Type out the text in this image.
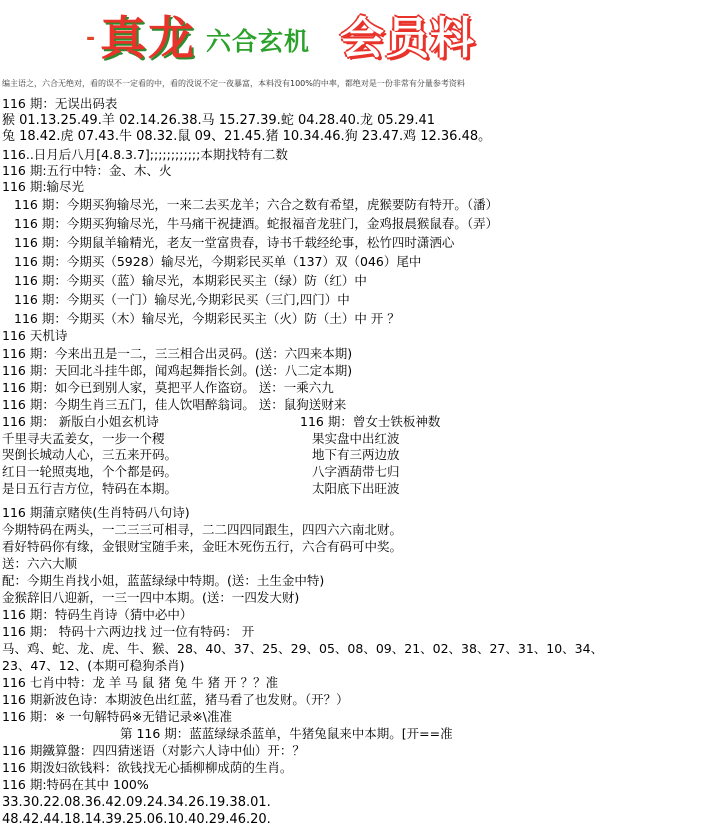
- 真龙 六合玄机 会员料
编主语之，六合无绝对，看的误不一定看的中，看的没说不定一夜暴富，本料没有100%的中率，都绝对是一份非常有分量参考资料
116 期：无误出码表
猴 01.13.25.49.羊 02.14.26.38.马 15.27.39.蛇 04.28.40.龙 05.29.41
兔 18.42.虎 07.43.牛 08.32.鼠 09、21.45.猪 10.34.46.狗 23.47.鸡 12.36.48。
116..日月后八月[4.8.3.7];;;;;;;;;;;;本期找特有二数
116 期:五行中特：金、木、火
116 期:输尽光
116 期：今期买狗输尽光，一来二去买龙羊；六合之数有希望，虎猴要防有特开。（潘）
116 期：今期买狗输尽光，牛马痛干祝捷酒。蛇报福音龙驻门，金鸡报晨猴鼠春。（弄）
116 期：今期鼠羊输精光，老友一堂富贵春，诗书千载经纶事，松竹四时潇洒心
116 期：今期买（5928）输尽光，今期彩民买单（137）双（046）尾中
116 期：今期买（蓝）输尽光，本期彩民买主（绿）防（红）中
116 期：今期买（一门）输尽光,今期彩民买（三门,四门）中
116 期：今期买（木）输尽光，今期彩民买主（火）防（土）中 开 ？
116 天机诗
116 期：今来出丑是一二，三三相合出灵码。(送：六四来本期)
116 期：天回北斗挂牛郎，闻鸡起舞指长剑。(送：八二定本期)
116 期：如今已到别人家，莫把平人作盗窃。 送：一乘六九
116 期：今期生肖三五门，佳人饮唱醉翁词。 送：鼠狗送财来
116 期： 新版白小姐玄机诗
千里寻夫孟姜女，一步一个稷
哭倒长城动人心，三五来开码。
红日一轮照夷地，个个都是码。
是日五行吉方位，特码在本期。
116 期：曾女士铁板神数
果实盘中出红波
地下有三两边放
八字酒葫带七归
太阳底下出旺波
116 期蒲京赌侠(生肖特码八句诗)
今期特码在两头，一二三三可相寻，二二四四同跟生，四四六六南北财。
看好特码你有缘，金银财宝随手来，金旺木死伤五行，六合有码可中奖。
送：六六大顺
配：今期生肖找小姐，蓝蓝绿绿中特期。(送：土生金中特)
金猴辞旧八迎新，一三一四中本期。(送：一四发大财)
116 期：特码生肖诗（猜中必中）
116 期： 特码十六两边找 过一位有特码： 开
马、鸡、蛇、龙、虎、牛、猴、28、40、37、25、29、05、08、09、21、02、38、27、31、10、34、
23、47、12、(本期可稳狗杀肖)
116 七肖中特：龙 羊 马 鼠 猪 兔 牛 猪 开 ？？准
116 期新波色诗：本期波色出红蓝，猪马看了也发财。（开？）
116 期：※ 一句解特码※无错记录※\准准
第 116 期：蓝蓝绿绿杀蓝单，牛猪兔鼠来中本期。[开==准
116 期鐵算盤：四四猜迷语（对影六人诗中仙）开：？
116 期泼妇欲钱料：欲钱找无心插柳柳成荫的生肖。
116 期:特码在其中 100%
33.30.22.08.36.42.09.24.34.26.19.38.01.
48.42.44.18.14.39.25.06.10.40.29.46.20.
